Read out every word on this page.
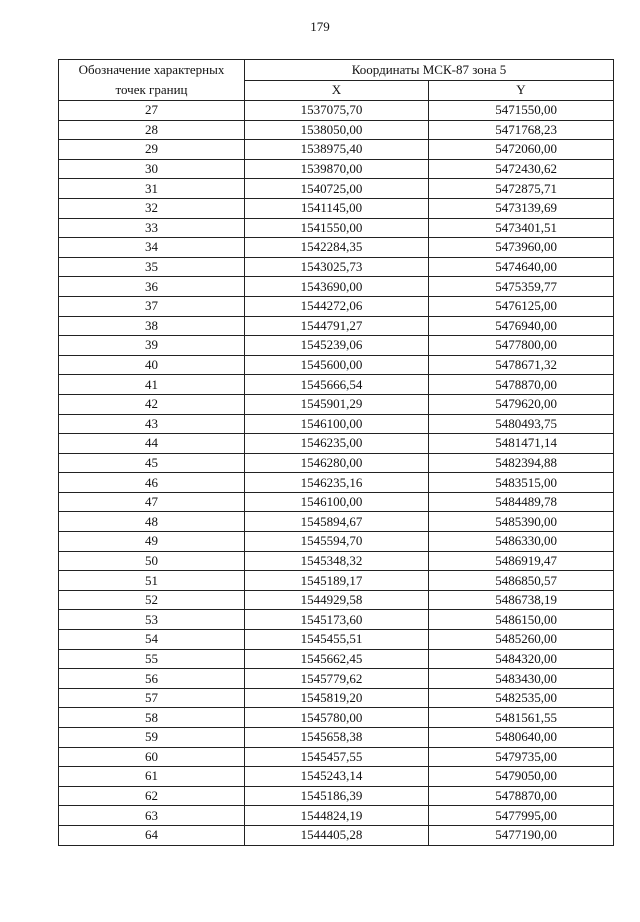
179
Обозначение характерных
точек границ	Координаты МСК-87 зона 5	
	X	Y
27	1537075,70	5471550,00
28	1538050,00	5471768,23
29	1538975,40	5472060,00
30	1539870,00	5472430,62
31	1540725,00	5472875,71
32	1541145,00	5473139,69
33	1541550,00	5473401,51
34	1542284,35	5473960,00
35	1543025,73	5474640,00
36	1543690,00	5475359,77
37	1544272,06	5476125,00
38	1544791,27	5476940,00
39	1545239,06	5477800,00
40	1545600,00	5478671,32
41	1545666,54	5478870,00
42	1545901,29	5479620,00
43	1546100,00	5480493,75
44	1546235,00	5481471,14
45	1546280,00	5482394,88
46	1546235,16	5483515,00
47	1546100,00	5484489,78
48	1545894,67	5485390,00
49	1545594,70	5486330,00
50	1545348,32	5486919,47
51	1545189,17	5486850,57
52	1544929,58	5486738,19
53	1545173,60	5486150,00
54	1545455,51	5485260,00
55	1545662,45	5484320,00
56	1545779,62	5483430,00
57	1545819,20	5482535,00
58	1545780,00	5481561,55
59	1545658,38	5480640,00
60	1545457,55	5479735,00
61	1545243,14	5479050,00
62	1545186,39	5478870,00
63	1544824,19	5477995,00
64	1544405,28	5477190,00
